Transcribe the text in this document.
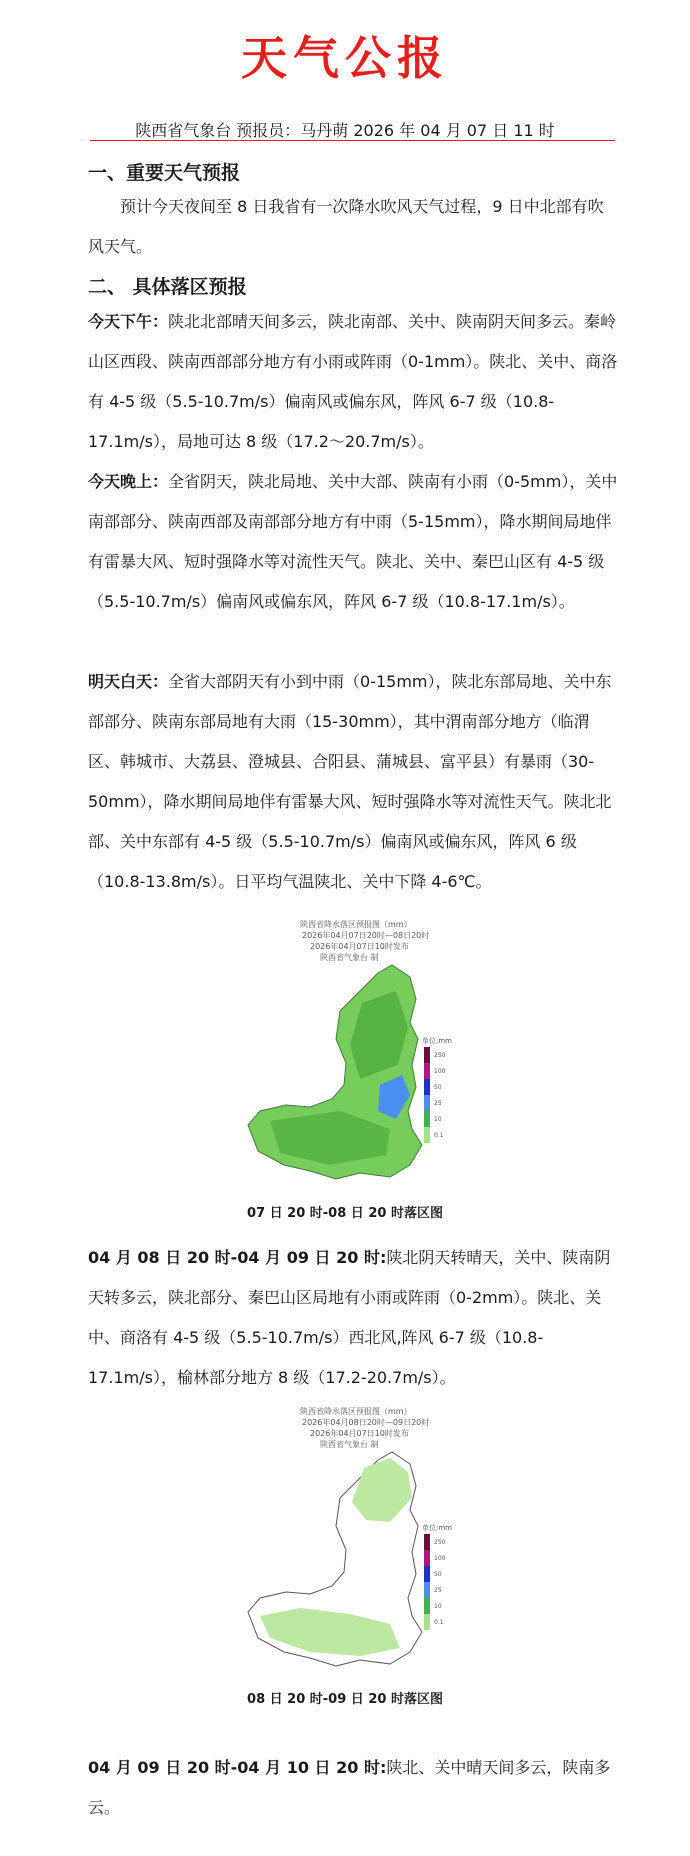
天气公报
陕西省气象台 预报员：马丹萌 2026 年 04 月 07 日 11 时
一、重要天气预报

预计今天夜间至 8 日我省有一次降水吹风天气过程，9 日中北部有吹风天气。

二、 具体落区预报

今天下午：陕北北部晴天间多云，陕北南部、关中、陕南阴天间多云。秦岭山区西段、陕南西部部分地方有小雨或阵雨（0-1mm）。陕北、关中、商洛有 4-5 级（5.5-10.7m/s）偏南风或偏东风，阵风 6-7 级（10.8-17.1m/s），局地可达 8 级（17.2～20.7m/s）。

今天晚上：全省阴天，陕北局地、关中大部、陕南有小雨（0-5mm），关中南部部分、陕南西部及南部部分地方有中雨（5-15mm），降水期间局地伴有雷暴大风、短时强降水等对流性天气。陕北、关中、秦巴山区有 4-5 级（5.5-10.7m/s）偏南风或偏东风，阵风 6-7 级（10.8-17.1m/s）。

明天白天：全省大部阴天有小到中雨（0-15mm），陕北东部局地、关中东部部分、陕南东部局地有大雨（15-30mm），其中渭南部分地方（临渭区、韩城市、大荔县、澄城县、合阳县、蒲城县、富平县）有暴雨（30-50mm），降水期间局地伴有雷暴大风、短时强降水等对流性天气。陕北北部、关中东部有 4-5 级（5.5-10.7m/s）偏南风或偏东风，阵风 6 级（10.8-13.8m/s）。日平均气温陕北、关中下降 4-6℃。

陕西省降水落区预报图（mm）
2026年04月07日20时—08日20时
2026年04月07日10时发布
陕西省气象台 制
单位:mm
250
100
50
25
10
0.1
07 日 20 时-08 日 20 时落区图

04 月 08 日 20 时-04 月 09 日 20 时:陕北阴天转晴天，关中、陕南阴天转多云，陕北部分、秦巴山区局地有小雨或阵雨（0-2mm）。陕北、关中、商洛有 4-5 级（5.5-10.7m/s）西北风,阵风 6-7 级（10.8-17.1m/s），榆林部分地方 8 级（17.2-20.7m/s）。

陕西省降水落区预报图（mm）
2026年04月08日20时—09日20时
2026年04月07日10时发布
陕西省气象台 制
单位:mm
250
100
50
25
10
0.1
08 日 20 时-09 日 20 时落区图

04 月 09 日 20 时-04 月 10 日 20 时:陕北、关中晴天间多云，陕南多云。
